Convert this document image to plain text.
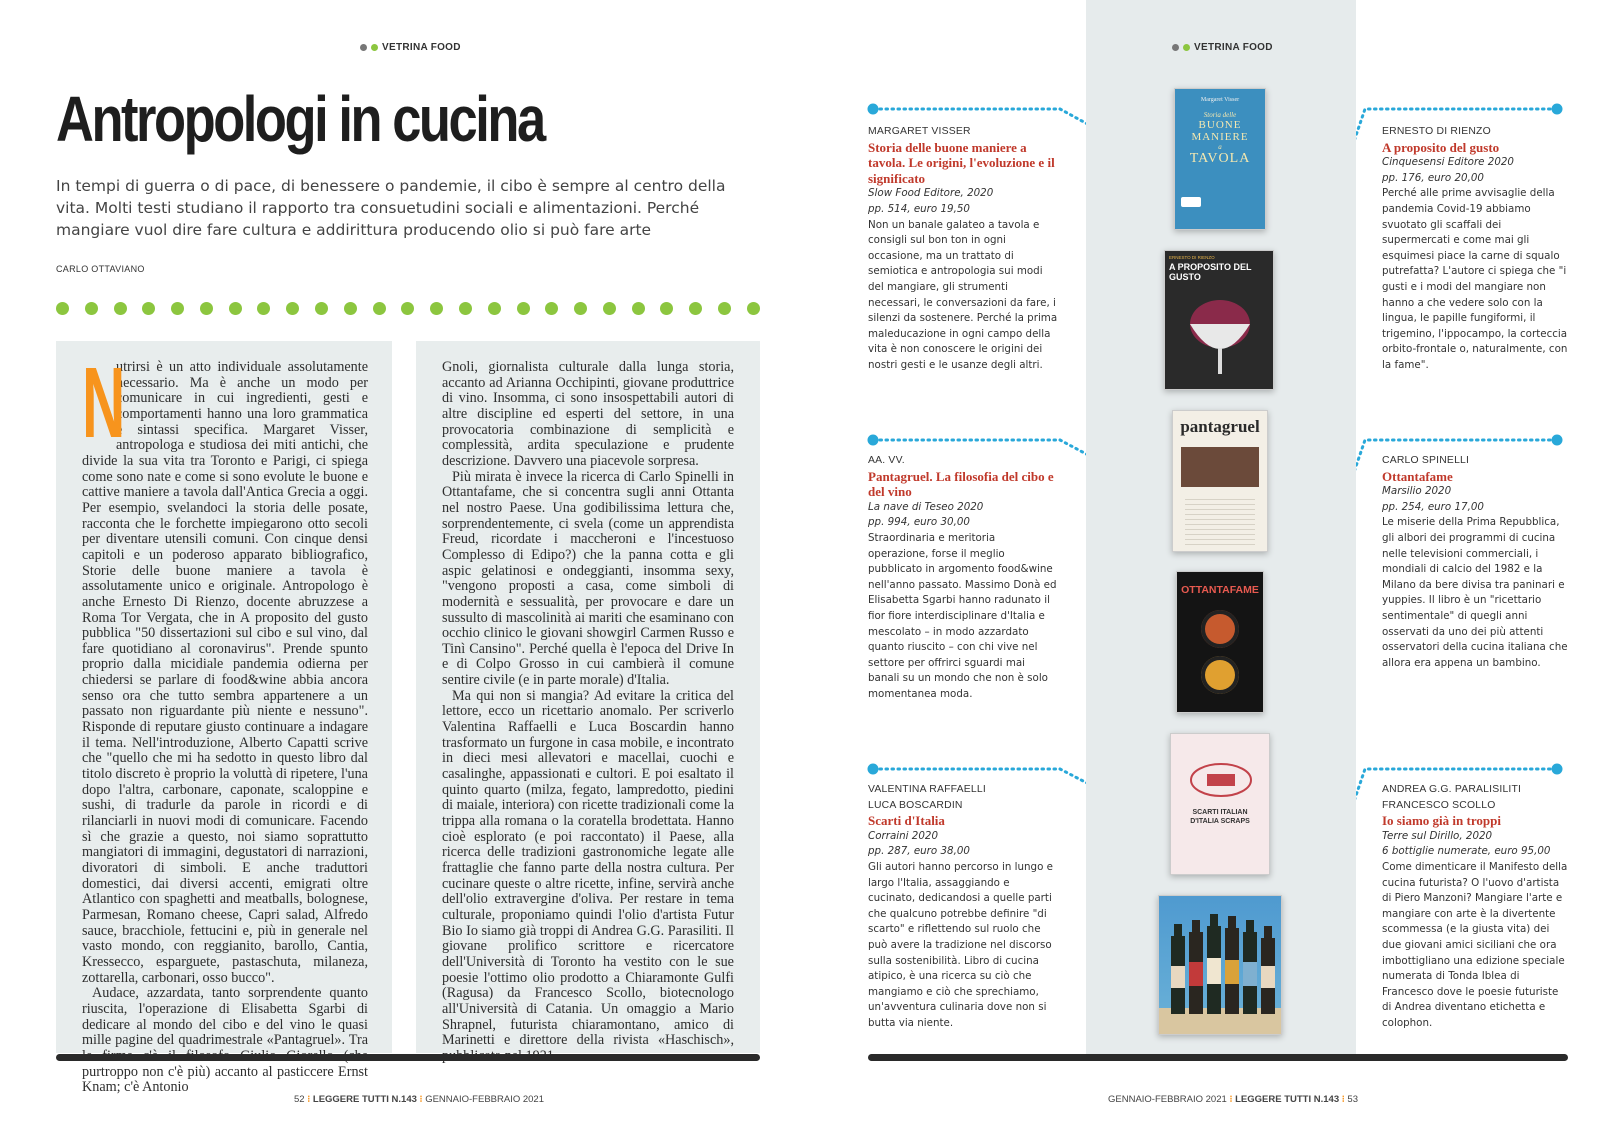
VETRINA FOOD
Antropologi in cucina
In tempi di guerra o di pace, di benessere o pandemie, il cibo è sempre al centro della vita. Molti testi studiano il rapporto tra consuetudini sociali e alimentazioni. Perché mangiare vuol dire fare cultura e addirittura producendo olio si può fare arte
CARLO OTTAVIANO

N
utrirsi è un atto individuale assolutamente necessario. Ma è anche un modo per comunicare in cui ingredienti, gesti e comportamenti hanno una loro grammatica e sintassi specifica. Margaret Visser, antropologa e studiosa dei miti antichi, che divide la sua vita tra Toronto e Parigi, ci spiega come sono nate e come si sono evolute le buone e cattive maniere a tavola dall'Antica Grecia a oggi. Per esempio, svelandoci la storia delle posate, racconta che le forchette impiegarono otto secoli per diventare utensili comuni. Con cinque densi capitoli e un poderoso apparato bibliografico, Storie delle buone maniere a tavola è assolutamente unico e originale. Antropologo è anche Ernesto Di Rienzo, docente abruzzese a Roma Tor Vergata, che in A proposito del gusto pubblica "50 dissertazioni sul cibo e sul vino, dal fare quotidiano al coronavirus". Prende spunto proprio dalla micidiale pandemia odierna per chiedersi se parlare di food&wine abbia ancora senso ora che tutto sembra appartenere a un passato non riguardante più niente e nessuno". Risponde di reputare giusto continuare a indagare il tema. Nell'introduzione, Alberto Capatti scrive che "quello che mi ha sedotto in questo libro dal titolo discreto è proprio la voluttà di ripetere, l'una dopo l'altra, carbonare, caponate, scaloppine e sushi, di tradurle da parole in ricordi e di rilanciarli in nuovi modi di comunicare. Facendo sì che grazie a questo, noi siamo soprattutto mangiatori di immagini, degustatori di narrazioni, divoratori di simboli. E anche traduttori domestici, dai diversi accenti, emigrati oltre Atlantico con spaghetti and meatballs, bolognese, Parmesan, Romano cheese, Capri salad, Alfredo sauce, bracchiole, fettucini e, più in generale nel vasto mondo, con reggianito, barollo, Cantia, Kressecco, esparguete, pastaschuta, milaneza, zottarella, carbonari, osso bucco".

Audace, azzardata, tanto sorprendente quanto riuscita, l'operazione di Elisabetta Sgarbi di dedicare al mondo del cibo e del vino le quasi mille pagine del quadrimestrale «Pantagruel». Tra purtroppo non c'è più) accanto al pasticcere Ernst Knam; c'è Antonio

Gnoli, giornalista culturale dalla lunga storia, accanto ad Arianna Occhipinti, giovane produttrice di vino. Insomma, ci sono insospettabili autori di altre discipline ed esperti del settore, in una provocatoria combinazione di semplicità e complessità, ardita speculazione e prudente descrizione. Davvero una piacevole sorpresa.

Più mirata è invece la ricerca di Carlo Spinelli in Ottantafame, che si concentra sugli anni Ottanta nel nostro Paese. Una godibilissima lettura che, sorprendentemente, ci svela (come un apprendista Freud, ricordate i maccheroni e l'incestuoso Complesso di Edipo?) che la panna cotta e gli aspic gelatinosi e ondeggianti, insomma sexy, "vengono proposti a casa, come simboli di modernità e sessualità, per provocare e dare un sussulto di mascolinità ai mariti che esaminano con occhio clinico le giovani showgirl Carmen Russo e Tinì Cansino". Perché quella è l'epoca del Drive In e di Colpo Grosso in cui cambierà il comune sentire civile (e in parte morale) d'Italia.

Ma qui non si mangia? Ad evitare la critica del lettore, ecco un ricettario anomalo. Per scriverlo Valentina Raffaelli e Luca Boscardin hanno trasformato un furgone in casa mobile, e incontrato in dieci mesi allevatori e macellai, cuochi e casalinghe, appassionati e cultori. E poi esaltato il quinto quarto (milza, fegato, lampredotto, piedini di maiale, interiora) con ricette tradizionali come la trippa alla romana o la coratella brodettata. Hanno cioè esplorato (e poi raccontato) il Paese, alla ricerca delle tradizioni gastronomiche legate alle frattaglie che fanno parte della nostra cultura. Per cucinare queste o altre ricette, infine, servirà anche dell'olio extravergine d'oliva. Per restare in tema culturale, proponiamo quindi l'olio d'artista Futur Bio Io siamo già troppi di Andrea G.G. Parasiliti. Il giovane prolifico scrittore e ricercatore dell'Università di Toronto ha vestito con le sue poesie l'ottimo olio prodotto a Chiaramonte Gulfi (Ragusa) da Francesco Scollo, biotecnologo all'Università di Catania. Un omaggio a Mario Shrapnel, futurista chiaramontano, amico di Marinetti e direttore della rivista «Haschisch»,

52 ⁝ LEGGERE TUTTI N.143 ⁝ GENNAIO-FEBBRAIO 2021
VETRINA FOOD
MARGARET VISSER
Storia delle buone maniere a tavola. Le origini, l'evoluzione e il significato
Slow Food Editore, 2020
pp. 514, euro 19,50
Non un banale galateo a tavola e consigli sul bon ton in ogni occasione, ma un trattato di semiotica e antropologia sui modi del mangiare, gli strumenti necessari, le conversazioni da fare, i silenzi da sostenere. Perché la prima maleducazione in ogni campo della vita è non conoscere le origini dei nostri gesti e le usanze degli altri.
ERNESTO DI RIENZO
A proposito del gusto
Cinquesensi Editore 2020
pp. 176, euro 20,00
Perché alle prime avvisaglie della pandemia Covid-19 abbiamo svuotato gli scaffali dei supermercati e come mai gli esquimesi piace la carne di squalo putrefatta? L'autore ci spiega che "i gusti e i modi del mangiare non hanno a che vedere solo con la lingua, le papille fungiformi, il trigemino, l'ippocampo, la corteccia orbito-frontale o, naturalmente, con la fame".
AA. VV.
Pantagruel. La filosofia del cibo e del vino
La nave di Teseo 2020
pp. 994, euro 30,00
Straordinaria e meritoria operazione, forse il meglio pubblicato in argomento food&wine nell'anno passato. Massimo Donà ed Elisabetta Sgarbi hanno radunato il fior fiore interdisciplinare d'Italia e mescolato – in modo azzardato quanto riuscito – con chi vive nel settore per offrirci sguardi mai banali su un mondo che non è solo momentanea moda.
CARLO SPINELLI
Ottantafame
Marsilio 2020
pp. 254, euro 17,00
Le miserie della Prima Repubblica, gli albori dei programmi di cucina nelle televisioni commerciali, i mondiali di calcio del 1982 e la Milano da bere divisa tra paninari e yuppies. Il libro è un "ricettario sentimentale" di quegli anni osservati da uno dei più attenti osservatori della cucina italiana che allora era appena un bambino.
VALENTINA RAFFAELLI
LUCA BOSCARDIN
Scarti d'Italia
Corraini 2020
pp. 287, euro 38,00
Gli autori hanno percorso in lungo e largo l'Italia, assaggiando e cucinato, dedicandosi a quelle parti che qualcuno potrebbe definire "di scarto" e riflettendo sul ruolo che può avere la tradizione nel discorso sulla sostenibilità. Libro di cucina atipico, è una ricerca su ciò che mangiamo e ciò che sprechiamo, un'avventura culinaria dove non si butta via niente.
ANDREA G.G. PARALISILITI
FRANCESCO SCOLLO
Io siamo già in troppi
Terre sul Dirillo, 2020
6 bottiglie numerate, euro 95,00
Come dimenticare il Manifesto della cucina futurista? O l'uovo d'artista di Piero Manzoni? Mangiare l'arte e mangiare con arte è la divertente scommessa (e la giusta vita) dei due giovani amici siciliani che ora imbottigliano una edizione speciale numerata di Tonda Iblea di Francesco dove le poesie futuriste di Andrea diventano etichetta e colophon.
Margaret Visser
Storia delle
BUONE
MANIERE
a
TAVOLA
ERNESTO DI RIENZO
A PROPOSITO DEL GUSTO
pantagruel
OTTANTAFAME
SCARTI ITALIAN D'ITALIA SCRAPS
GENNAIO-FEBBRAIO 2021 ⁝ LEGGERE TUTTI N.143 ⁝ 53
